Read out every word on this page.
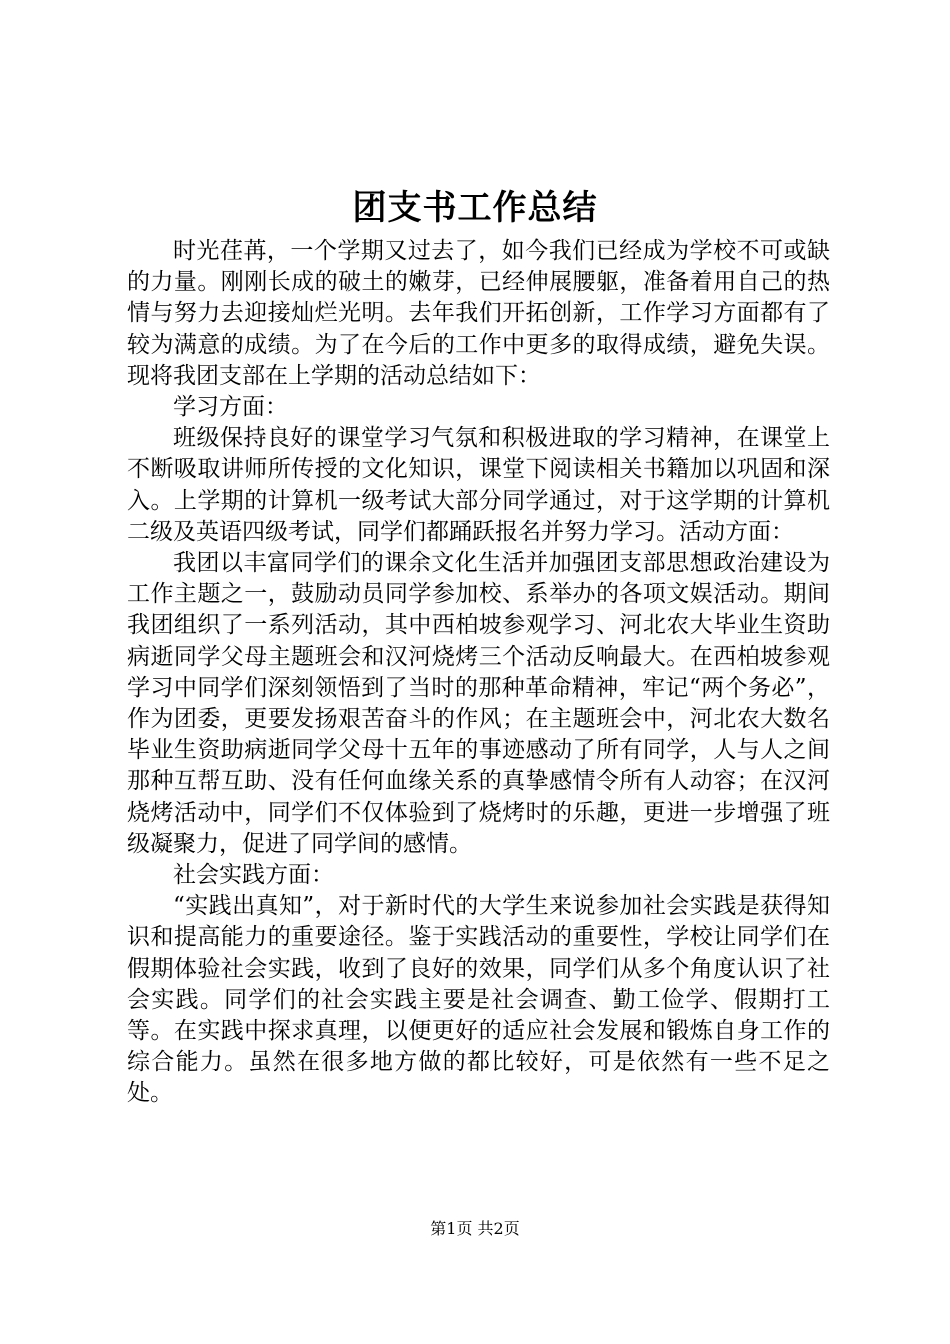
团支书工作总结

时光荏苒，一个学期又过去了，如今我们已经成为学校不可或缺的力量。刚刚长成的破土的嫩芽，已经伸展腰躯，准备着用自己的热情与努力去迎接灿烂光明。去年我们开拓创新，工作学习方面都有了较为满意的成绩。为了在今后的工作中更多的取得成绩，避免失误。现将我团支部在上学期的活动总结如下：

学习方面：

班级保持良好的课堂学习气氛和积极进取的学习精神，在课堂上不断吸取讲师所传授的文化知识，课堂下阅读相关书籍加以巩固和深入。上学期的计算机一级考试大部分同学通过，对于这学期的计算机二级及英语四级考试，同学们都踊跃报名并努力学习。活动方面：

我团以丰富同学们的课余文化生活并加强团支部思想政治建设为工作主题之一，鼓励动员同学参加校、系举办的各项文娱活动。期间我团组织了一系列活动，其中西柏坡参观学习、河北农大毕业生资助病逝同学父母主题班会和汉河烧烤三个活动反响最大。在西柏坡参观学习中同学们深刻领悟到了当时的那种革命精神，牢记“两个务必”，作为团委，更要发扬艰苦奋斗的作风；在主题班会中，河北农大数名毕业生资助病逝同学父母十五年的事迹感动了所有同学，人与人之间那种互帮互助、没有任何血缘关系的真挚感情令所有人动容；在汉河烧烤活动中，同学们不仅体验到了烧烤时的乐趣，更进一步增强了班级凝聚力，促进了同学间的感情。

社会实践方面：

“实践出真知”，对于新时代的大学生来说参加社会实践是获得知识和提高能力的重要途径。鉴于实践活动的重要性，学校让同学们在假期体验社会实践，收到了良好的效果，同学们从多个角度认识了社会实践。同学们的社会实践主要是社会调查、勤工俭学、假期打工等。在实践中探求真理，以便更好的适应社会发展和锻炼自身工作的综合能力。虽然在很多地方做的都比较好，可是依然有一些不足之处。

第1页 共2页
